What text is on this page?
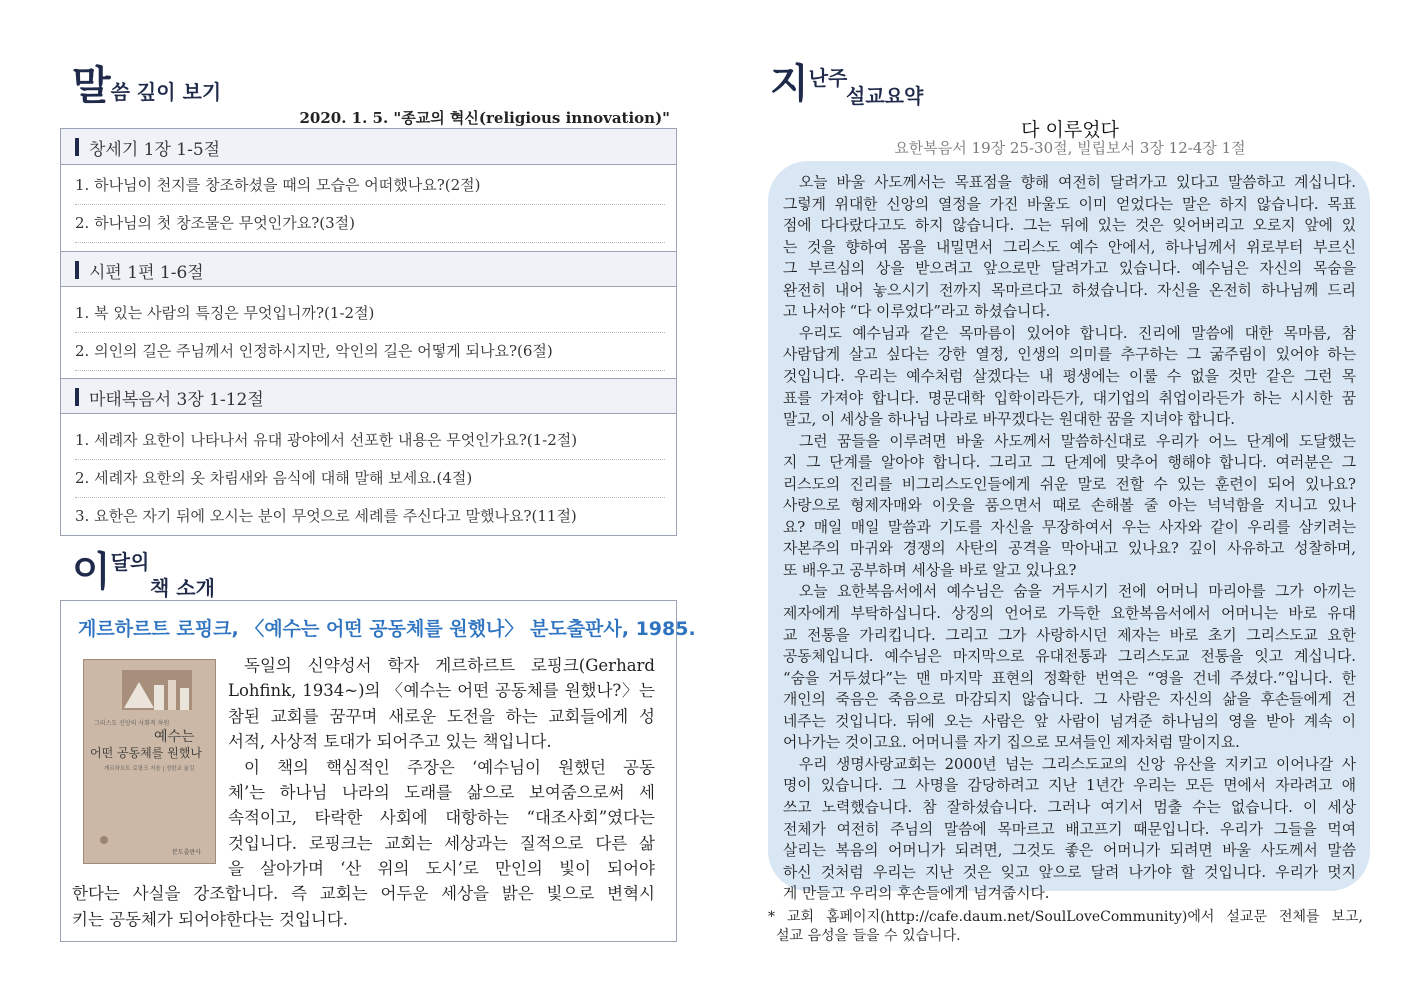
말씀 깊이 보기
2020. 1. 5. "종교의 혁신(religious innovation)"
창세기 1장 1-5절
1. 하나님이 천지를 창조하셨을 때의 모습은 어떠했나요?(2절)
2. 하나님의 첫 창조물은 무엇인가요?(3절)
시편 1편 1-6절
1. 복 있는 사람의 특징은 무엇입니까?(1-2절)
2. 의인의 길은 주님께서 인정하시지만, 악인의 길은 어떻게 되나요?(6절)
마태복음서 3장 1-12절
1. 세례자 요한이 나타나서 유대 광야에서 선포한 내용은 무엇인가요?(1-2절)
2. 세례자 요한의 옷 차림새와 음식에 대해 말해 보세요.(4절)
3. 요한은 자기 뒤에 오시는 분이 무엇으로 세례를 주신다고 말했나요?(11절)
이달의
책 소개
게르하르트 로핑크, 〈예수는 어떤 공동체를 원했나〉 분도출판사, 1985.
그리스도 신앙의 사회적 차원
예수는
어떤 공동체를 원했나
게르하르트 로핑크 지음 | 정한교 옮김
분도출판사
독일의 신약성서 학자 게르하르트 로핑크(Gerhard
Lohfink, 1934~)의 〈예수는 어떤 공동체를 원했나?〉는
참된 교회를 꿈꾸며 새로운 도전을 하는 교회들에게 성
서적, 사상적 토대가 되어주고 있는 책입니다.
이 책의 핵심적인 주장은 ‘예수님이 원했던 공동
체’는 하나님 나라의 도래를 삶으로 보여줌으로써 세
속적이고, 타락한 사회에 대항하는 “대조사회”였다는
것입니다. 로핑크는 교회는 세상과는 질적으로 다른 삶
을 살아가며 ‘산 위의 도시’로 만인의 빛이 되어야
한다는 사실을 강조합니다. 즉 교회는 어두운 세상을 밝은 빛으로 변혁시
키는 공동체가 되어야한다는 것입니다.
지난주
설교요약
다 이루었다
요한복음서 19장 25-30절, 빌립보서 3장 12-4장 1절
오늘 바울 사도께서는 목표점을 향해 여전히 달려가고 있다고 말씀하고 계십니다.
그렇게 위대한 신앙의 열정을 가진 바울도 이미 얻었다는 말은 하지 않습니다. 목표
점에 다다랐다고도 하지 않습니다. 그는 뒤에 있는 것은 잊어버리고 오로지 앞에 있
는 것을 향하여 몸을 내밀면서 그리스도 예수 안에서, 하나님께서 위로부터 부르신
그 부르심의 상을 받으려고 앞으로만 달려가고 있습니다. 예수님은 자신의 목숨을
완전히 내어 놓으시기 전까지 목마르다고 하셨습니다. 자신을 온전히 하나님께 드리
고 나서야 “다 이루었다”라고 하셨습니다.
우리도 예수님과 같은 목마름이 있어야 합니다. 진리에 말씀에 대한 목마름, 참
사람답게 살고 싶다는 강한 열정, 인생의 의미를 추구하는 그 굶주림이 있어야 하는
것입니다. 우리는 예수처럼 살겠다는 내 평생에는 이룰 수 없을 것만 같은 그런 목
표를 가져야 합니다. 명문대학 입학이라든가, 대기업의 취업이라든가 하는 시시한 꿈
말고, 이 세상을 하나님 나라로 바꾸겠다는 원대한 꿈을 지녀야 합니다.
그런 꿈들을 이루려면 바울 사도께서 말씀하신대로 우리가 어느 단계에 도달했는
지 그 단계를 알아야 합니다. 그리고 그 단계에 맞추어 행해야 합니다. 여러분은 그
리스도의 진리를 비그리스도인들에게 쉬운 말로 전할 수 있는 훈련이 되어 있나요?
사랑으로 형제자매와 이웃을 품으면서 때로 손해볼 줄 아는 넉넉함을 지니고 있나
요? 매일 매일 말씀과 기도를 자신을 무장하여서 우는 사자와 같이 우리를 삼키려는
자본주의 마귀와 경쟁의 사탄의 공격을 막아내고 있나요? 깊이 사유하고 성찰하며,
또 배우고 공부하며 세상을 바로 알고 있나요?
오늘 요한복음서에서 예수님은 숨을 거두시기 전에 어머니 마리아를 그가 아끼는
제자에게 부탁하십니다. 상징의 언어로 가득한 요한복음서에서 어머니는 바로 유대
교 전통을 가리킵니다. 그리고 그가 사랑하시던 제자는 바로 초기 그리스도교 요한
공동체입니다. 예수님은 마지막으로 유대전통과 그리스도교 전통을 잇고 계십니다.
“숨을 거두셨다”는 맨 마지막 표현의 정확한 번역은 “영을 건네 주셨다.”입니다. 한
개인의 죽음은 죽음으로 마감되지 않습니다. 그 사람은 자신의 삶을 후손들에게 건
네주는 것입니다. 뒤에 오는 사람은 앞 사람이 넘겨준 하나님의 영을 받아 계속 이
어나가는 것이고요. 어머니를 자기 집으로 모셔들인 제자처럼 말이지요.
우리 생명사랑교회는 2000년 넘는 그리스도교의 신앙 유산을 지키고 이어나갈 사
명이 있습니다. 그 사명을 감당하려고 지난 1년간 우리는 모든 면에서 자라려고 애
쓰고 노력했습니다. 참 잘하셨습니다. 그러나 여기서 멈출 수는 없습니다. 이 세상
전체가 여전히 주님의 말씀에 목마르고 배고프기 때문입니다. 우리가 그들을 먹여
살리는 복음의 어머니가 되려면, 그것도 좋은 어머니가 되려면 바울 사도께서 말씀
하신 것처럼 우리는 지난 것은 잊고 앞으로 달려 나가야 할 것입니다. 우리가 멋지
게 만들고 우리의 후손들에게 넘겨줍시다.
* 교회 홈페이지(http://cafe.daum.net/SoulLoveCommunity)에서 설교문 전체를 보고,
설교 음성을 들을 수 있습니다.
